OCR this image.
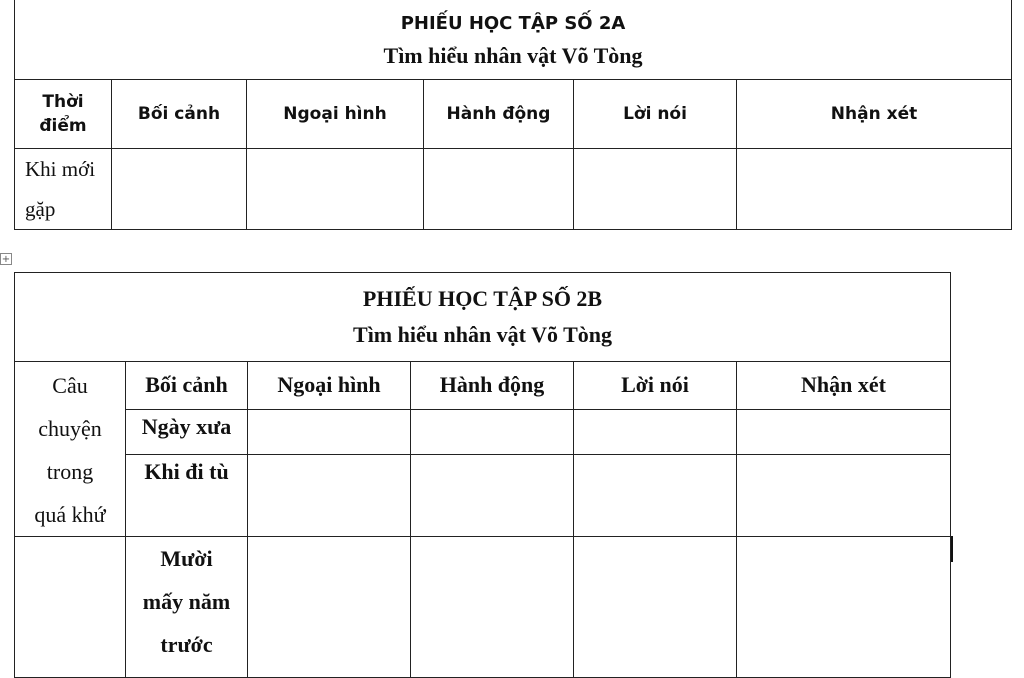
PHIẾU HỌC TẬP SỐ 2A
Tìm hiểu nhân vật Võ Tòng					

Thời điểm	Bối cảnh	Ngoại hình	Hành động	Lời nói	Nhận xét
Khi mới gặp					
+
PHIẾU HỌC TẬP SỐ 2B
Tìm hiểu nhân vật Võ Tòng					

Câu chuyện trong quá khứ	Bối cảnh	Ngoại hình	Hành động	Lời nói	Nhận xét
	Ngày xưa				
	Khi đi tù				
	Mười mấy năm trước				
